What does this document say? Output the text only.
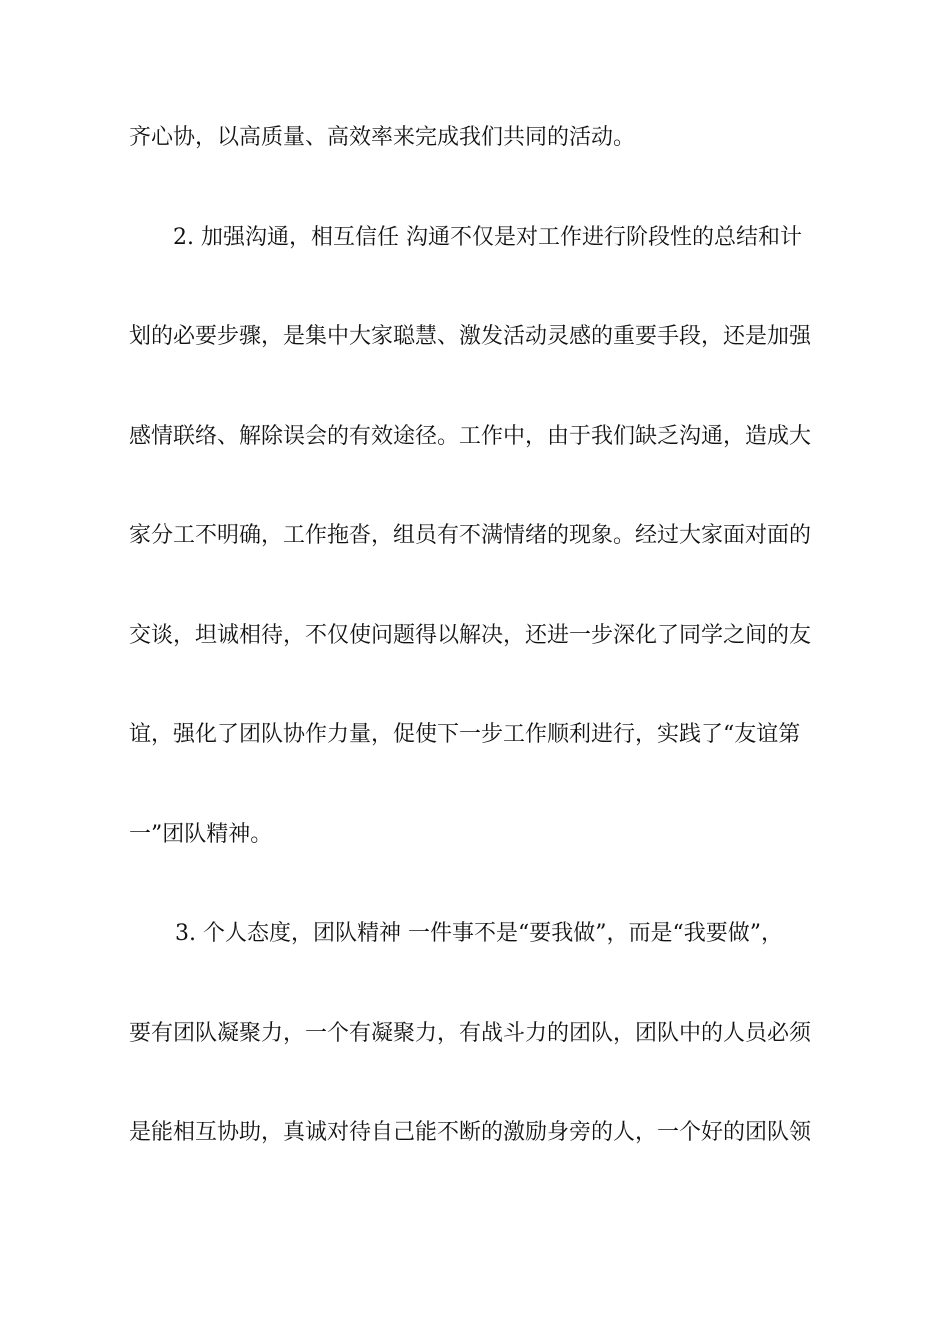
齐心协，以高质量、高效率来完成我们共同的活动。
2. 加强沟通，相互信任 沟通不仅是对工作进行阶段性的总结和计
划的必要步骤，是集中大家聪慧、激发活动灵感的重要手段，还是加强
感情联络、解除误会的有效途径。工作中，由于我们缺乏沟通，造成大
家分工不明确，工作拖沓，组员有不满情绪的现象。经过大家面对面的
交谈，坦诚相待，不仅使问题得以解决，还进一步深化了同学之间的友
谊，强化了团队协作力量，促使下一步工作顺利进行，实践了“友谊第
一”团队精神。
3. 个人态度，团队精神 一件事不是“要我做”，而是“我要做”，
要有团队凝聚力，一个有凝聚力，有战斗力的团队，团队中的人员必须
是能相互协助，真诚对待自己能不断的激励身旁的人，一个好的团队领
